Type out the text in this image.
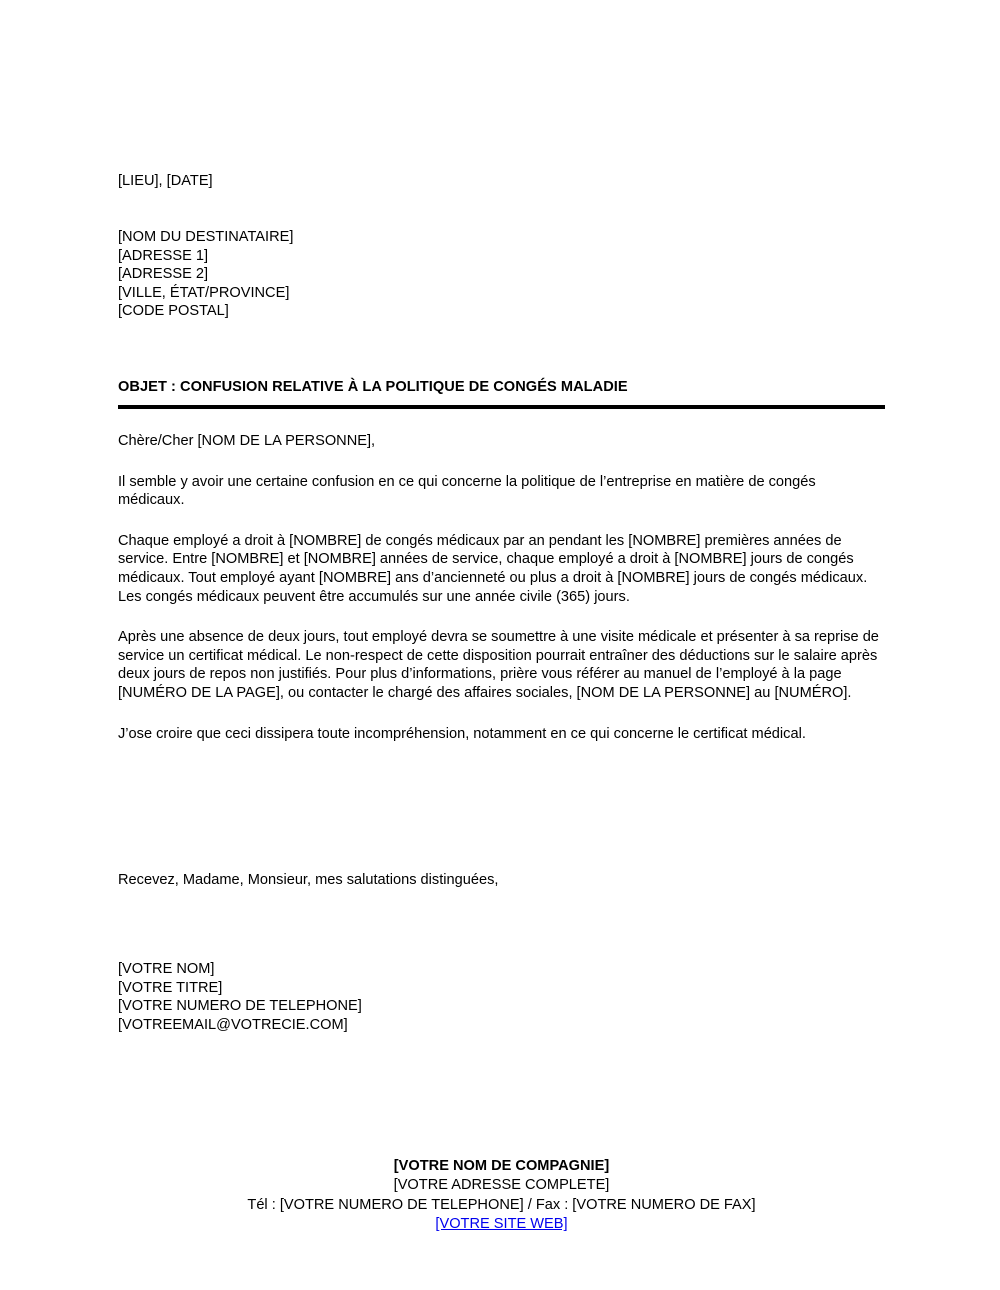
[LIEU], [DATE]
[NOM DU DESTINATAIRE]
[ADRESSE 1]
[ADRESSE 2]
[VILLE, ÉTAT/PROVINCE]
[CODE POSTAL]
OBJET : CONFUSION RELATIVE À LA POLITIQUE DE CONGÉS MALADIE
Chère/Cher [NOM DE LA PERSONNE],

Il semble y avoir une certaine confusion en ce qui concerne la politique de l’entreprise en matière de congés médicaux.

Chaque employé a droit à [NOMBRE] de congés médicaux par an pendant les [NOMBRE] premières années de service. Entre [NOMBRE] et [NOMBRE] années de service, chaque employé a droit à [NOMBRE] jours de congés médicaux. Tout employé ayant [NOMBRE] ans d’ancienneté ou plus a droit à [NOMBRE] jours de congés médicaux.  Les congés médicaux peuvent être accumulés sur une année civile (365) jours.

Après une absence de deux jours, tout employé devra se soumettre à une visite médicale et présenter à sa reprise de service un certificat médical. Le non-respect de cette disposition pourrait entraîner des déductions sur le salaire après deux jours de repos non justifiés. Pour plus d’informations, prière vous référer au manuel de l’employé à la page [NUMÉRO DE LA PAGE], ou contacter le chargé des affaires sociales, [NOM DE LA PERSONNE] au [NUMÉRO].

J’ose croire que ceci dissipera toute incompréhension, notamment en ce qui concerne le certificat médical.

Recevez, Madame, Monsieur, mes salutations distinguées,
[VOTRE NOM]
[VOTRE TITRE]
[VOTRE NUMERO DE TELEPHONE]
[VOTREEMAIL@VOTRECIE.COM]
[VOTRE NOM DE COMPAGNIE]
[VOTRE ADRESSE COMPLETE]
Tél : [VOTRE NUMERO DE TELEPHONE] / Fax : [VOTRE NUMERO DE FAX]
[VOTRE SITE WEB]
